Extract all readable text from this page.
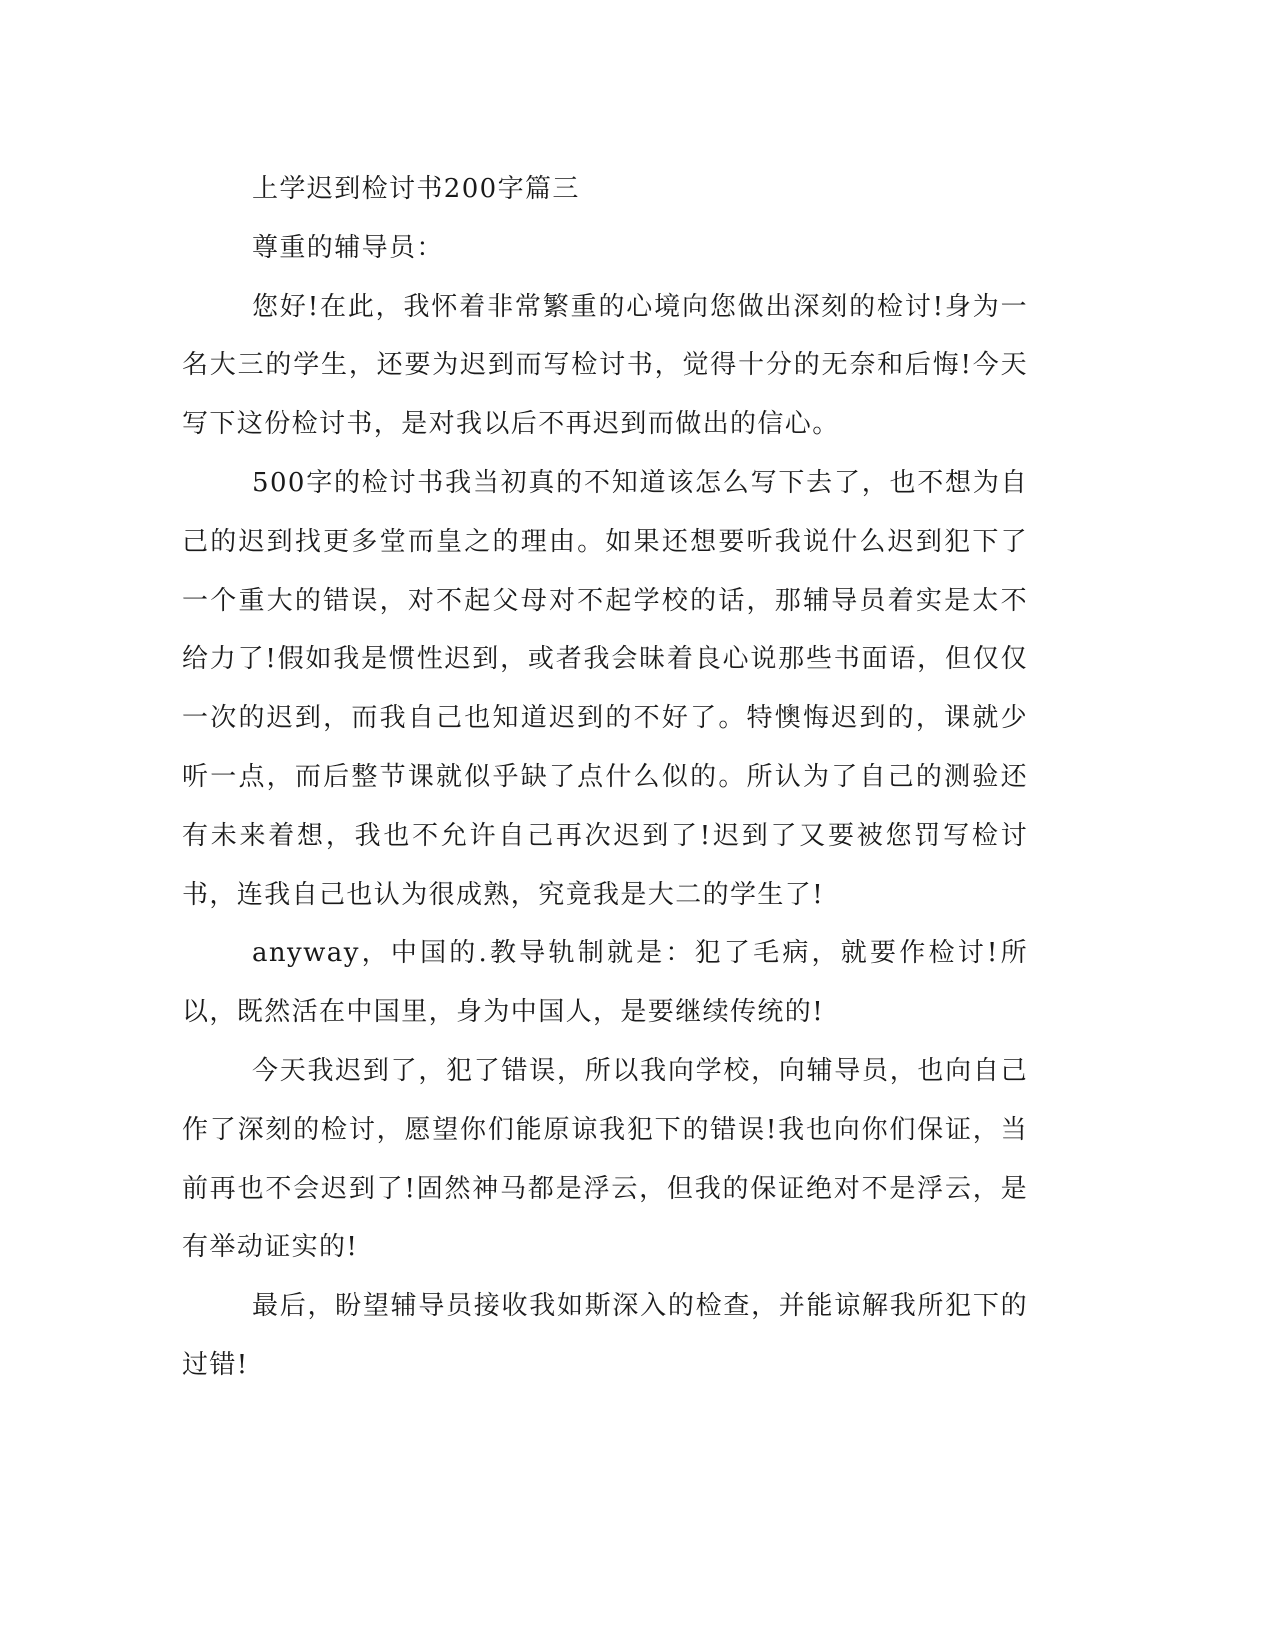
上学迟到检讨书200字篇三

尊重的辅导员：

您好!在此，我怀着非常繁重的心境向您做出深刻的检讨!身为一名大三的学生，还要为迟到而写检讨书，觉得十分的无奈和后悔!今天写下这份检讨书，是对我以后不再迟到而做出的信心。

500字的检讨书我当初真的不知道该怎么写下去了，也不想为自己的迟到找更多堂而皇之的理由。如果还想要听我说什么迟到犯下了一个重大的错误，对不起父母对不起学校的话，那辅导员着实是太不给力了!假如我是惯性迟到，或者我会昧着良心说那些书面语，但仅仅一次的迟到，而我自己也知道迟到的不好了。特懊悔迟到的，课就少听一点，而后整节课就似乎缺了点什么似的。所认为了自己的测验还有未来着想，我也不允许自己再次迟到了!迟到了又要被您罚写检讨书，连我自己也认为很成熟，究竟我是大二的学生了!

anyway，中国的.教导轨制就是：犯了毛病，就要作检讨!所以，既然活在中国里，身为中国人，是要继续传统的!

今天我迟到了，犯了错误，所以我向学校，向辅导员，也向自己作了深刻的检讨，愿望你们能原谅我犯下的错误!我也向你们保证，当前再也不会迟到了!固然神马都是浮云，但我的保证绝对不是浮云，是有举动证实的!

最后，盼望辅导员接收我如斯深入的检查，并能谅解我所犯下的过错!
